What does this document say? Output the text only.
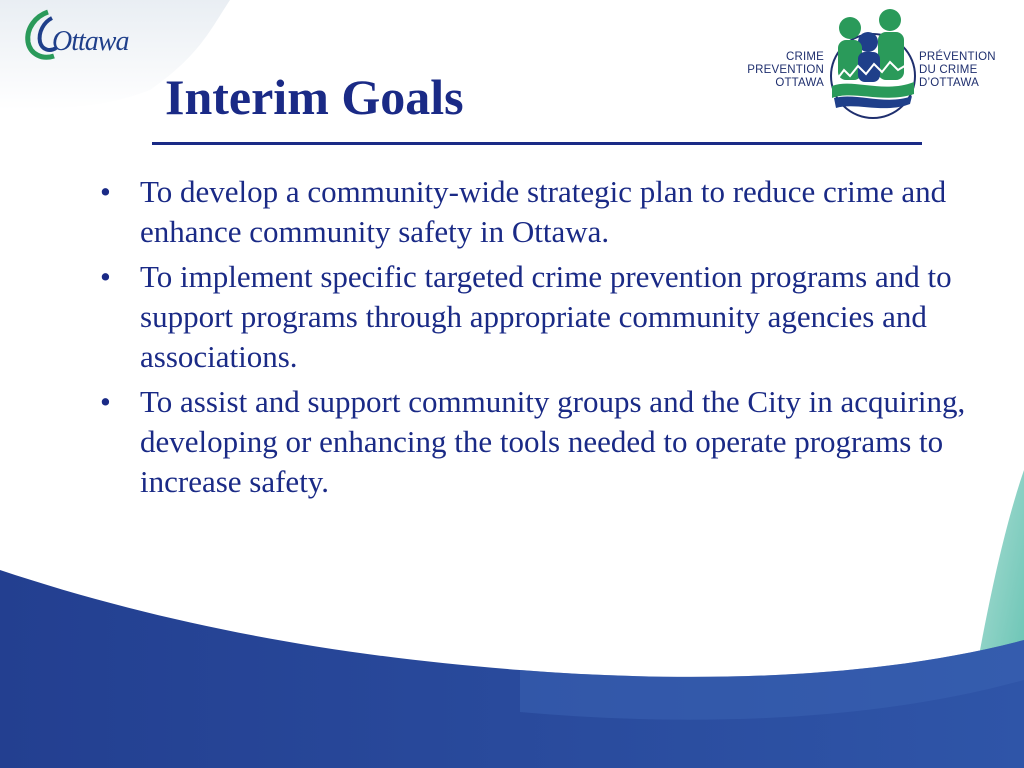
Ottawa
Interim Goals
CRIME
PREVENTION
OTTAWA
PRÉVENTION
DU CRIME
D’OTTAWA
• To develop a community-wide strategic plan to reduce crime and enhance community safety in Ottawa.
• To implement specific targeted crime prevention programs and to support programs through appropriate community agencies and associations.
• To assist and support community groups and the City in acquiring, developing or enhancing the tools needed to operate programs to increase safety.
